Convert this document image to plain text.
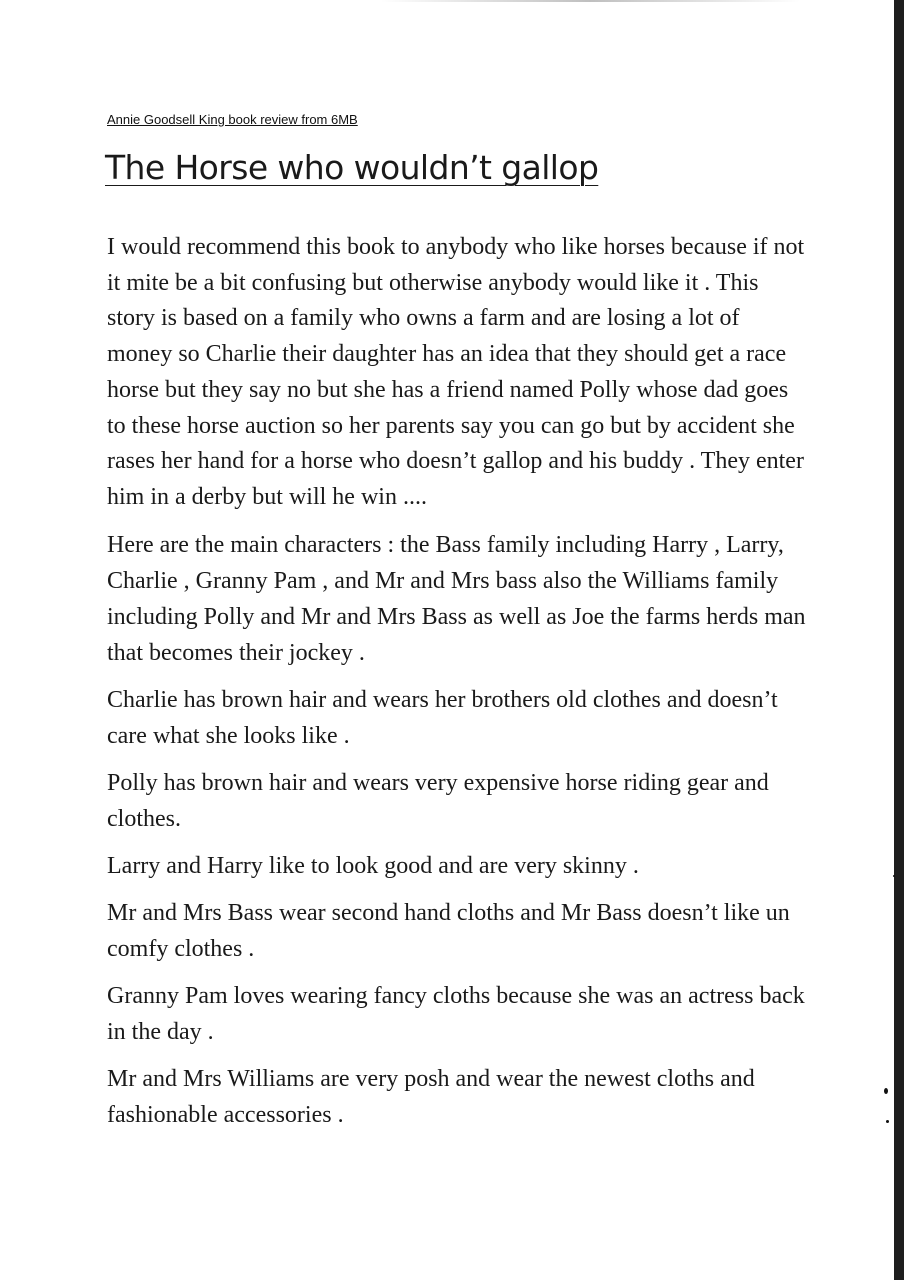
Annie Goodsell King book review from 6MB

The Horse who wouldn’t gallop

I would recommend this book to anybody who like horses because if not it mite be a bit confusing but otherwise anybody would like it . This story is based on a family who owns a farm and are losing a lot of money so Charlie their daughter has an idea that they should get a race horse but they say no but she has a friend named Polly whose dad goes to these horse auction so her parents say you can go but by accident she rases her hand for a horse who doesn’t gallop and his buddy . They enter him in a derby but will he win ....

Here are the main characters : the Bass family including Harry , Larry, Charlie , Granny Pam , and Mr and Mrs bass also the Williams family including Polly and Mr and Mrs Bass as well as Joe the farms herds man that becomes their jockey .

Charlie has brown hair and wears her brothers old clothes and doesn’t care what she looks like .

Polly has brown hair and wears very expensive horse riding gear and clothes.

Larry and Harry like to look good and are very skinny .

Mr and Mrs Bass wear second hand cloths and Mr Bass doesn’t like un comfy clothes .

Granny Pam loves wearing fancy cloths because she was an actress back in the day .

Mr and Mrs Williams are very posh and wear the newest cloths and fashionable accessories .
